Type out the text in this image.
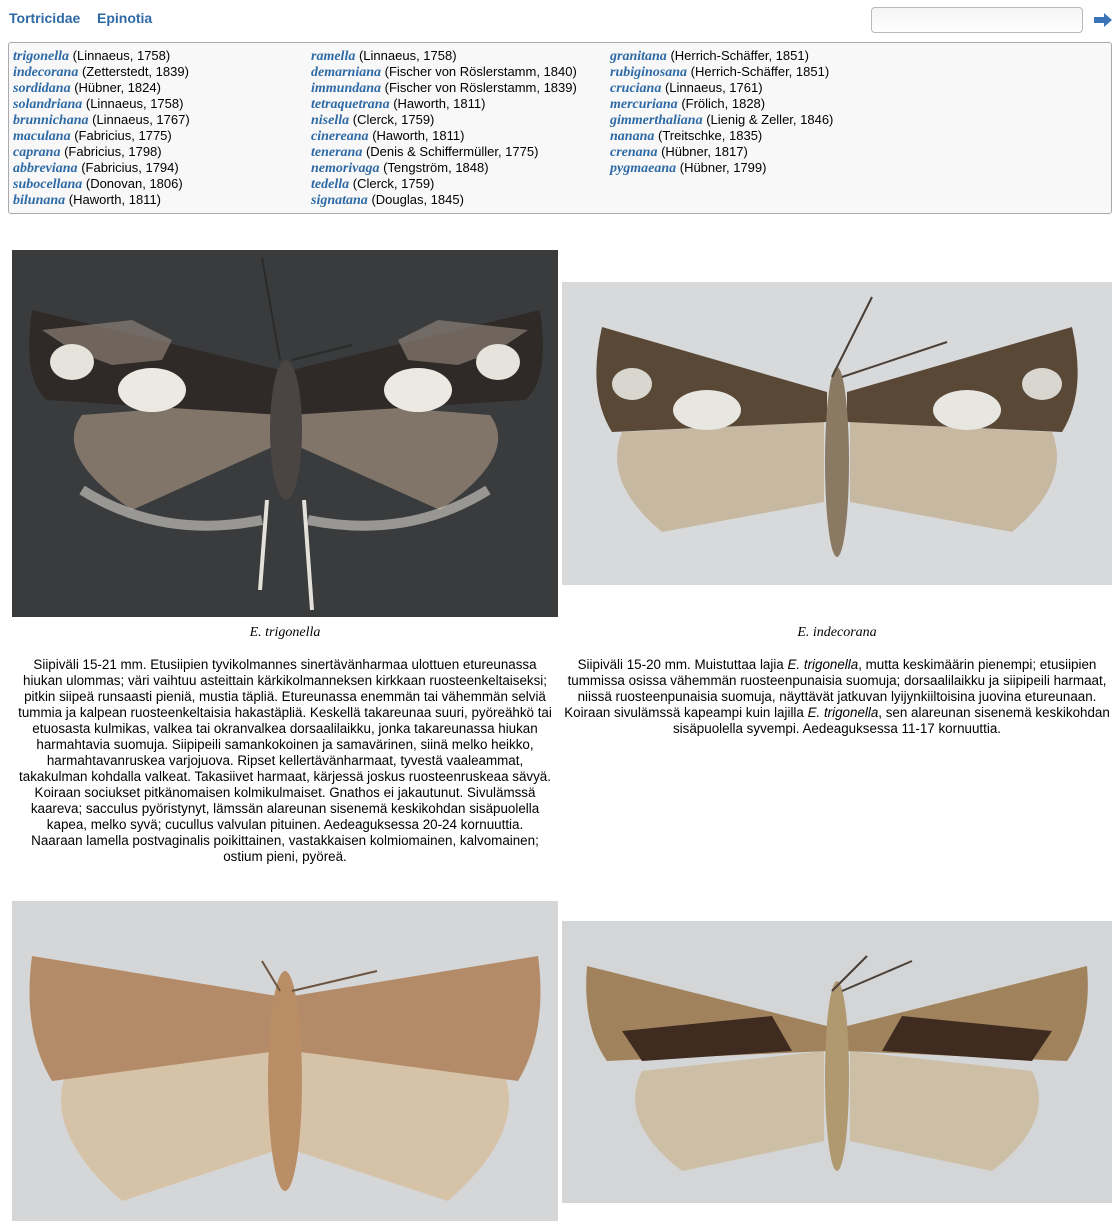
Tortricidae Epinotia
trigonella (Linnaeus, 1758)
indecorana (Zetterstedt, 1839)
sordidana (Hübner, 1824)
solandriana (Linnaeus, 1758)
brunnichana (Linnaeus, 1767)
maculana (Fabricius, 1775)
caprana (Fabricius, 1798)
abbreviana (Fabricius, 1794)
subocellana (Donovan, 1806)
bilunana (Haworth, 1811)
ramella (Linnaeus, 1758)
demarniana (Fischer von Röslerstamm, 1840)
immundana (Fischer von Röslerstamm, 1839)
tetraquetrana (Haworth, 1811)
nisella (Clerck, 1759)
cinereana (Haworth, 1811)
tenerana (Denis & Schiffermüller, 1775)
nemorivaga (Tengström, 1848)
tedella (Clerck, 1759)
signatana (Douglas, 1845)
granitana (Herrich-Schäffer, 1851)
rubiginosana (Herrich-Schäffer, 1851)
cruciana (Linnaeus, 1761)
mercuriana (Frölich, 1828)
gimmerthaliana (Lienig & Zeller, 1846)
nanana (Treitschke, 1835)
crenana (Hübner, 1817)
pygmaeana (Hübner, 1799)
E. trigonella	E. indecorana

Siipiväli 15-21 mm. Etusiipien tyvikolmannes sinertävänharmaa ulottuen etureunassa hiukan ulommas; väri vaihtuu asteittain kärkikolmanneksen kirkkaan ruosteenkeltaiseksi; pitkin siipeä runsaasti pieniä, mustia täpliä. Etureunassa enemmän tai vähemmän selviä tummia ja kalpean ruosteenkeltaisia hakastäpliä. Keskellä takareunaa suuri, pyöreähkö tai etuosasta kulmikas, valkea tai okranvalkea dorsaalilaikku, jonka takareunassa hiukan harmahtavia suomuja. Siipipeili samankokoinen ja samavärinen, siinä melko heikko, harmahtavanruskea varjojuova. Ripset kellertävänharmaat, tyvestä vaaleammat, takakulman kohdalla valkeat. Takasiivet harmaat, kärjessä joskus ruosteenruskeaa sävyä.

Koiraan sociukset pitkänomaisen kolmikulmaiset. Gnathos ei jakautunut. Sivulämssä kaareva; sacculus pyöristynyt, lämssän alareunan sisenemä keskikohdan sisäpuolella kapea, melko syvä; cucullus valvulan pituinen. Aedeaguksessa 20-24 kornuuttia.

Naaraan lamella postvaginalis poikittainen, vastakkaisen kolmiomainen, kalvomainen; ostium pieni, pyöreä.

Siipiväli 15-20 mm. Muistuttaa lajia E. trigonella, mutta keskimäärin pienempi; etusiipien tummissa osissa vähemmän ruosteenpunaisia suomuja; dorsaalilaikku ja siipipeili harmaat, niissä ruosteenpunaisia suomuja, näyttävät jatkuvan lyijynkiiltoisina juovina etureunaan.

Koiraan sivulämssä kapeampi kuin lajilla E. trigonella, sen alareunan sisenemä keskikohdan sisäpuolella syvempi. Aedeaguksessa 11-17 kornuuttia.
